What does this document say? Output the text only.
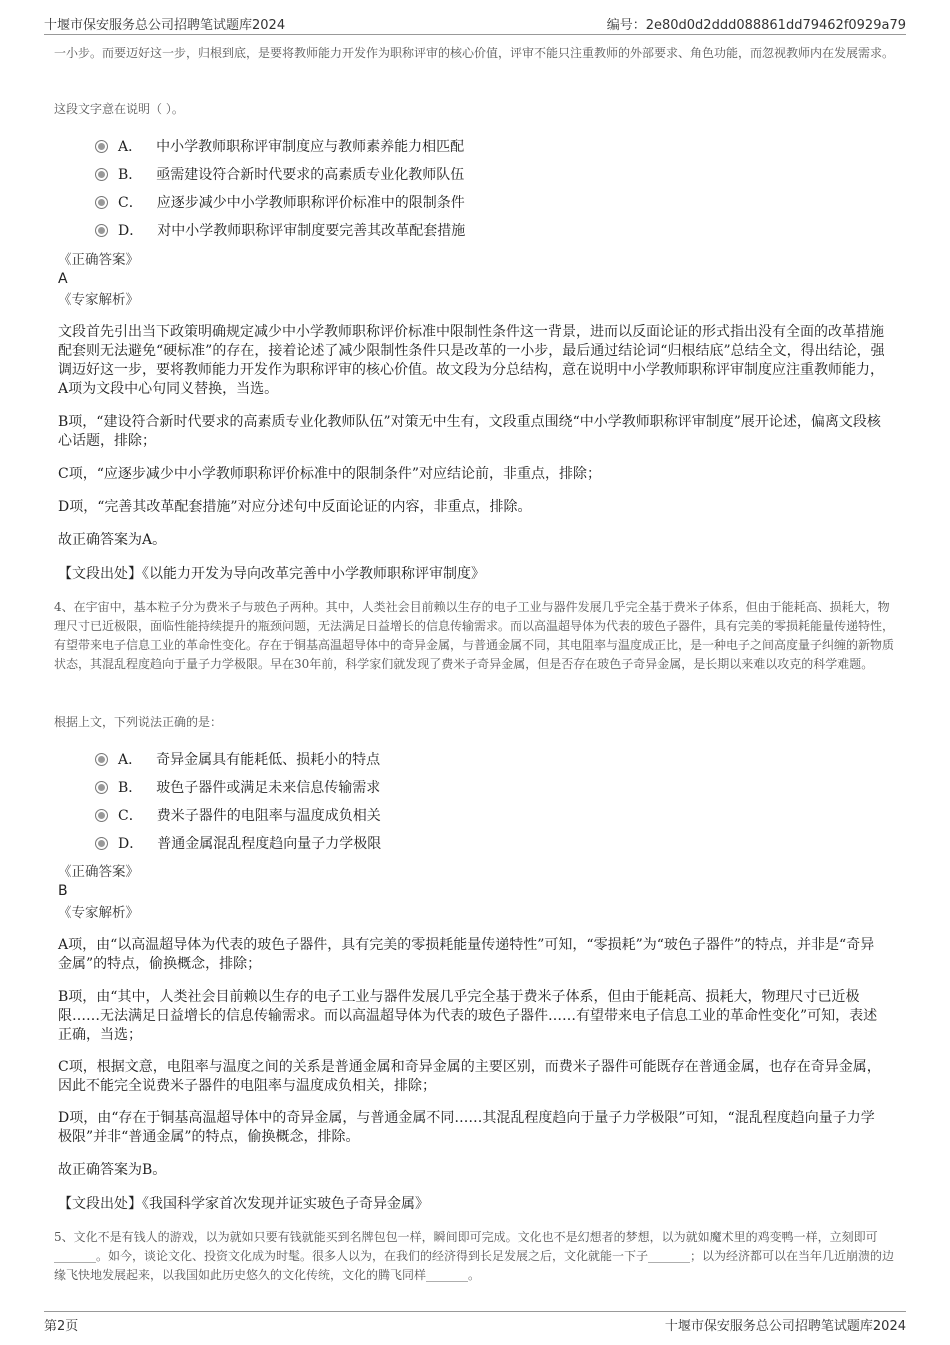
十堰市保安服务总公司招聘笔试题库2024	编号：2e80d0d2ddd088861dd79462f0929a79

一小步。而要迈好这一步，归根到底，是要将教师能力开发作为职称评审的核心价值，评审不能只注重教师的外部要求、角色功能，而忽视教师内在发展需求。

这段文字意在说明（ ）。

A． 中小学教师职称评审制度应与教师素养能力相匹配
B． 亟需建设符合新时代要求的高素质专业化教师队伍
C． 应逐步减少中小学教师职称评价标准中的限制条件
D． 对中小学教师职称评审制度要完善其改革配套措施

《正确答案》

A

《专家解析》

文段首先引出当下政策明确规定减少中小学教师职称评价标准中限制性条件这一背景，进而以反面论证的形式指出没有全面的改革措施配套则无法避免“硬标准”的存在，接着论述了减少限制性条件只是改革的一小步，最后通过结论词“归根结底”总结全文，得出结论，强调迈好这一步，要将教师能力开发作为职称评审的核心价值。故文段为分总结构，意在说明中小学教师职称评审制度应注重教师能力，A项为文段中心句同义替换，当选。

B项，“建设符合新时代要求的高素质专业化教师队伍”对策无中生有，文段重点围绕“中小学教师职称评审制度”展开论述，偏离文段核心话题，排除；

C项，“应逐步减少中小学教师职称评价标准中的限制条件”对应结论前，非重点，排除；

D项，“完善其改革配套措施”对应分述句中反面论证的内容，非重点，排除。

故正确答案为A。

【文段出处】《以能力开发为导向改革完善中小学教师职称评审制度》

4、在宇宙中，基本粒子分为费米子与玻色子两种。其中，人类社会目前赖以生存的电子工业与器件发展几乎完全基于费米子体系，但由于能耗高、损耗大，物理尺寸已近极限，面临性能持续提升的瓶颈问题，无法满足日益增长的信息传输需求。而以高温超导体为代表的玻色子器件，具有完美的零损耗能量传递特性，有望带来电子信息工业的革命性变化。存在于铜基高温超导体中的奇异金属，与普通金属不同，其电阻率与温度成正比，是一种电子之间高度量子纠缠的新物质状态，其混乱程度趋向于量子力学极限。早在30年前，科学家们就发现了费米子奇异金属，但是否存在玻色子奇异金属，是长期以来难以攻克的科学难题。

根据上文，下列说法正确的是：

A． 奇异金属具有能耗低、损耗小的特点
B． 玻色子器件或满足未来信息传输需求
C． 费米子器件的电阻率与温度成负相关
D． 普通金属混乱程度趋向量子力学极限

《正确答案》

B

《专家解析》

A项，由“以高温超导体为代表的玻色子器件，具有完美的零损耗能量传递特性”可知，“零损耗”为“玻色子器件”的特点，并非是“奇异金属”的特点，偷换概念，排除；

B项，由“其中，人类社会目前赖以生存的电子工业与器件发展几乎完全基于费米子体系，但由于能耗高、损耗大，物理尺寸已近极限……无法满足日益增长的信息传输需求。而以高温超导体为代表的玻色子器件……有望带来电子信息工业的革命性变化”可知，表述正确，当选；

C项，根据文意，电阻率与温度之间的关系是普通金属和奇异金属的主要区别，而费米子器件可能既存在普通金属，也存在奇异金属，因此不能完全说费米子器件的电阻率与温度成负相关，排除；

D项，由“存在于铜基高温超导体中的奇异金属，与普通金属不同……其混乱程度趋向于量子力学极限”可知，“混乱程度趋向量子力学极限”并非“普通金属”的特点，偷换概念，排除。

故正确答案为B。

【文段出处】《我国科学家首次发现并证实玻色子奇异金属》

5、文化不是有钱人的游戏，以为就如只要有钱就能买到名牌包包一样，瞬间即可完成。文化也不是幻想者的梦想，以为就如魔术里的鸡变鸭一样，立刻即可_______。如今，谈论文化、投资文化成为时髦。很多人以为，在我们的经济得到长足发展之后，文化就能一下子_______；以为经济都可以在当年几近崩溃的边缘飞快地发展起来，以我国如此历史悠久的文化传统，文化的腾飞同样_______。

第2页	十堰市保安服务总公司招聘笔试题库2024
